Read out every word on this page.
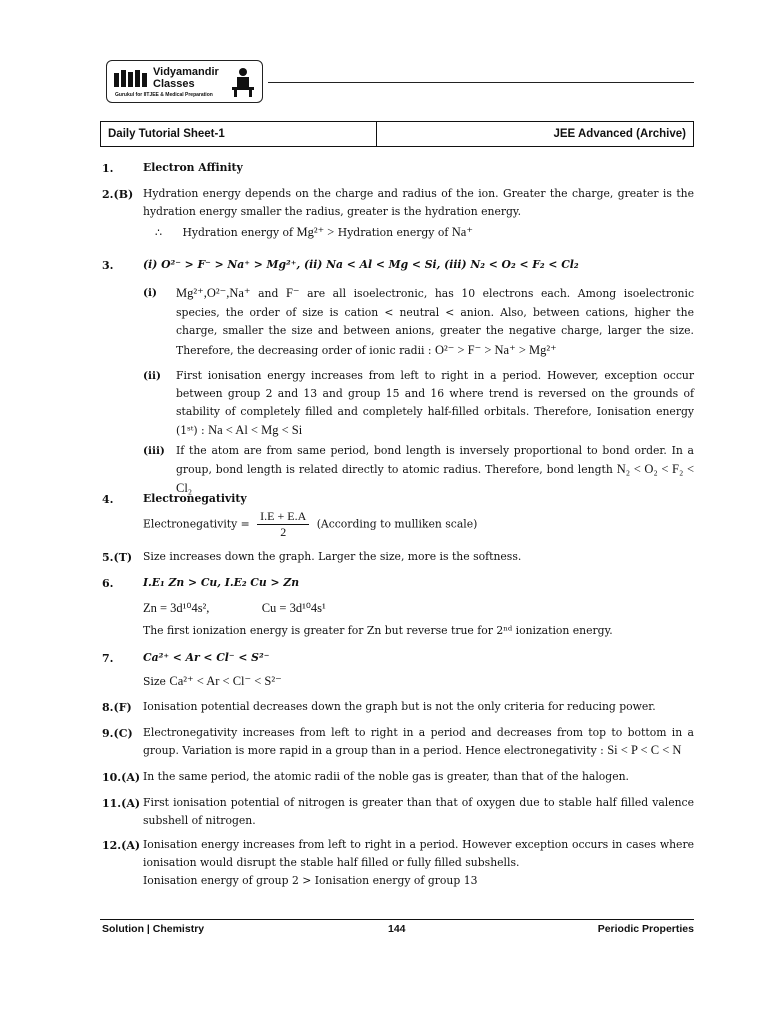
Vidyamandir
Classes
Gurukul for IITJEE & Medical Preparation
Daily Tutorial Sheet-1	JEE Advanced (Archive)
1.	Electron Affinity
2.(B) Hydration energy depends on the charge and radius of the ion. Greater the charge, greater is the hydration energy smaller the radius, greater is the hydration energy.
∴ Hydration energy of Mg²⁺ > Hydration energy of Na⁺
3.	(i) O²⁻ > F⁻ > Na⁺ > Mg²⁺, (ii) Na < Al < Mg < Si, (iii) N₂ < O₂ < F₂ < Cl₂
(i) Mg²⁺,O²⁻,Na⁺ and F⁻ are all isoelectronic, has 10 electrons each. Among isoelectronic species, the order of size is cation < neutral < anion. Also, between cations, higher the charge, smaller the size and between anions, greater the negative charge, larger the size. Therefore, the decreasing order of ionic radii : O²⁻ > F⁻ > Na⁺ > Mg²⁺
(ii) First ionisation energy increases from left to right in a period. However, exception occur between group 2 and 13 and group 15 and 16 where trend is reversed on the grounds of stability of completely filled and completely half-filled orbitals. Therefore, Ionisation energy (1ˢᵗ) : Na < Al < Mg < Si
(iii) If the atom are from same period, bond length is inversely proportional to bond order. In a group, bond length is related directly to atomic radius. Therefore, bond length N₂ < O₂ < F₂ < Cl₂
4.	Electronegativity
Electronegativity = $\frac{I.E + E.A}{2}$ (According to mulliken scale)
5.(T) Size increases down the graph. Larger the size, more is the softness.
6.	I.E₁ Zn > Cu, I.E₂ Cu > Zn
Zn = 3d¹⁰4s²,	Cu = 3d¹⁰4s¹
The first ionization energy is greater for Zn but reverse true for 2ⁿᵈ ionization energy.
7.	Ca²⁺ < Ar < Cl⁻ < S²⁻
Size Ca²⁺ < Ar < Cl⁻ < S²⁻
8.(F) Ionisation potential decreases down the graph but is not the only criteria for reducing power.
9.(C) Electronegativity increases from left to right in a period and decreases from top to bottom in a group. Variation is more rapid in a group than in a period. Hence electronegativity : Si < P < C < N
10.(A) In the same period, the atomic radii of the noble gas is greater, than that of the halogen.
11.(A) First ionisation potential of nitrogen is greater than that of oxygen due to stable half filled valence subshell of nitrogen.
12.(A) Ionisation energy increases from left to right in a period. However exception occurs in cases where ionisation would disrupt the stable half filled or fully filled subshells.
Ionisation energy of group 2 > Ionisation energy of group 13
Solution | Chemistry	144	Periodic Properties
